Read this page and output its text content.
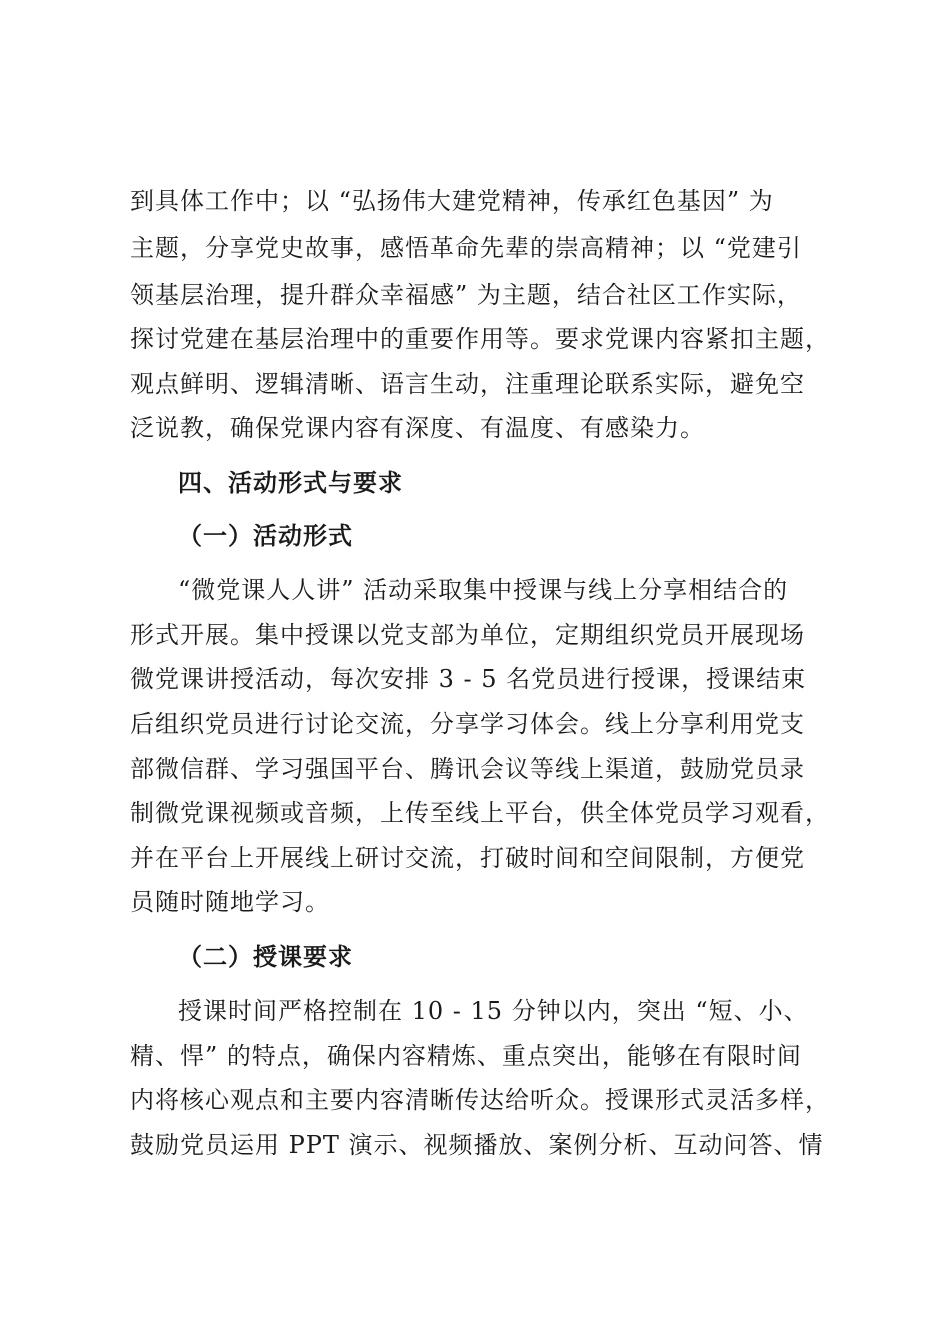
到具体工作中；以 “弘扬伟大建党精神，传承红色基因” 为
主题，分享党史故事，感悟革命先辈的崇高精神；以 “党建引
领基层治理，提升群众幸福感” 为主题，结合社区工作实际，
探讨党建在基层治理中的重要作用等。要求党课内容紧扣主题，
观点鲜明、逻辑清晰、语言生动，注重理论联系实际，避免空
泛说教，确保党课内容有深度、有温度、有感染力。
四、活动形式与要求
（一）活动形式
“微党课人人讲” 活动采取集中授课与线上分享相结合的
形式开展。集中授课以党支部为单位，定期组织党员开展现场
微党课讲授活动，每次安排 3 - 5 名党员进行授课，授课结束
后组织党员进行讨论交流，分享学习体会。线上分享利用党支
部微信群、学习强国平台、腾讯会议等线上渠道，鼓励党员录
制微党课视频或音频，上传至线上平台，供全体党员学习观看，
并在平台上开展线上研讨交流，打破时间和空间限制，方便党
员随时随地学习。
（二）授课要求
授课时间严格控制在 10 - 15 分钟以内，突出 “短、小、
精、悍” 的特点，确保内容精炼、重点突出，能够在有限时间
内将核心观点和主要内容清晰传达给听众。授课形式灵活多样，
鼓励党员运用 PPT 演示、视频播放、案例分析、互动问答、情
